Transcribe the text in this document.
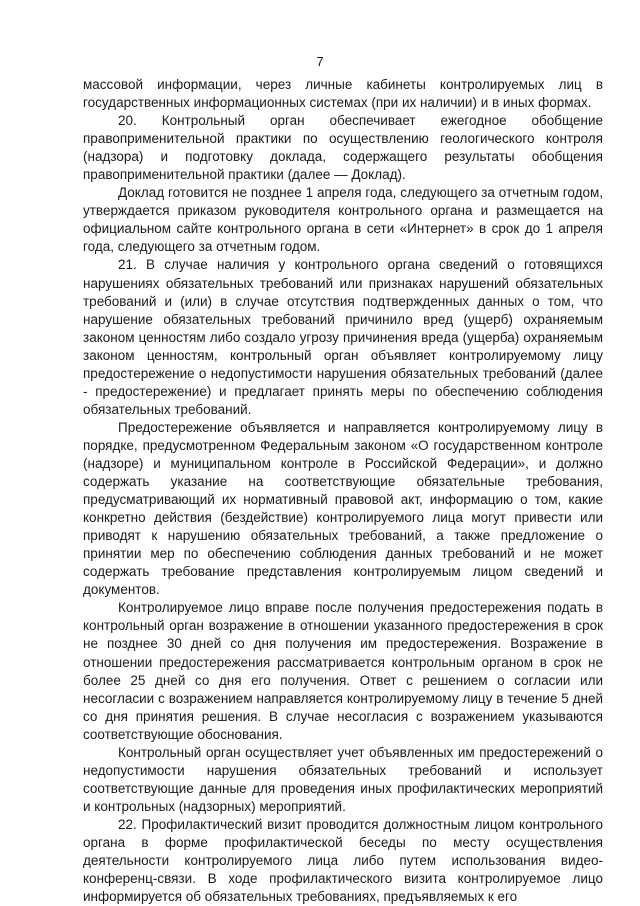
7

массовой информации, через личные кабинеты контролируемых лиц в государственных информационных системах (при их наличии) и в иных формах.

20. Контрольный орган обеспечивает ежегодное обобщение правоприменительной практики по осуществлению геологического контроля (надзора) и подготовку доклада, содержащего результаты обобщения правоприменительной практики (далее — Доклад).

Доклад готовится не позднее 1 апреля года, следующего за отчетным годом, утверждается приказом руководителя контрольного органа и размещается на официальном сайте контрольного органа в сети «Интернет» в срок до 1 апреля года, следующего за отчетным годом.

21. В случае наличия у контрольного органа сведений о готовящихся нарушениях обязательных требований или признаках нарушений обязательных требований и (или) в случае отсутствия подтвержденных данных о том, что нарушение обязательных требований причинило вред (ущерб) охраняемым законом ценностям либо создало угрозу причинения вреда (ущерба) охраняемым законом ценностям, контрольный орган объявляет контролируемому лицу предостережение о недопустимости нарушения обязательных требований (далее - предостережение) и предлагает принять меры по обеспечению соблюдения обязательных требований.

Предостережение объявляется и направляется контролируемому лицу в порядке, предусмотренном Федеральным законом «О государственном контроле (надзоре) и муниципальном контроле в Российской Федерации», и должно содержать указание на соответствующие обязательные требования, предусматривающий их нормативный правовой акт, информацию о том, какие конкретно действия (бездействие) контролируемого лица могут привести или приводят к нарушению обязательных требований, а также предложение о принятии мер по обеспечению соблюдения данных требований и не может содержать требование представления контролируемым лицом сведений и документов.

Контролируемое лицо вправе после получения предостережения подать в контрольный орган возражение в отношении указанного предостережения в срок не позднее 30 дней со дня получения им предостережения. Возражение в отношении предостережения рассматривается контрольным органом в срок не более 25 дней со дня его получения. Ответ с решением о согласии или несогласии с возражением направляется контролируемому лицу в течение 5 дней со дня принятия решения. В случае несогласия с возражением указываются соответствующие обоснования.

Контрольный орган осуществляет учет объявленных им предостережений о недопустимости нарушения обязательных требований и использует соответствующие данные для проведения иных профилактических мероприятий и контрольных (надзорных) мероприятий.

22. Профилактический визит проводится должностным лицом контрольного органа в форме профилактической беседы по месту осуществления деятельности контролируемого лица либо путем использования видео-конференц-связи. В ходе профилактического визита контролируемое лицо информируется об обязательных требованиях, предъявляемых к его
